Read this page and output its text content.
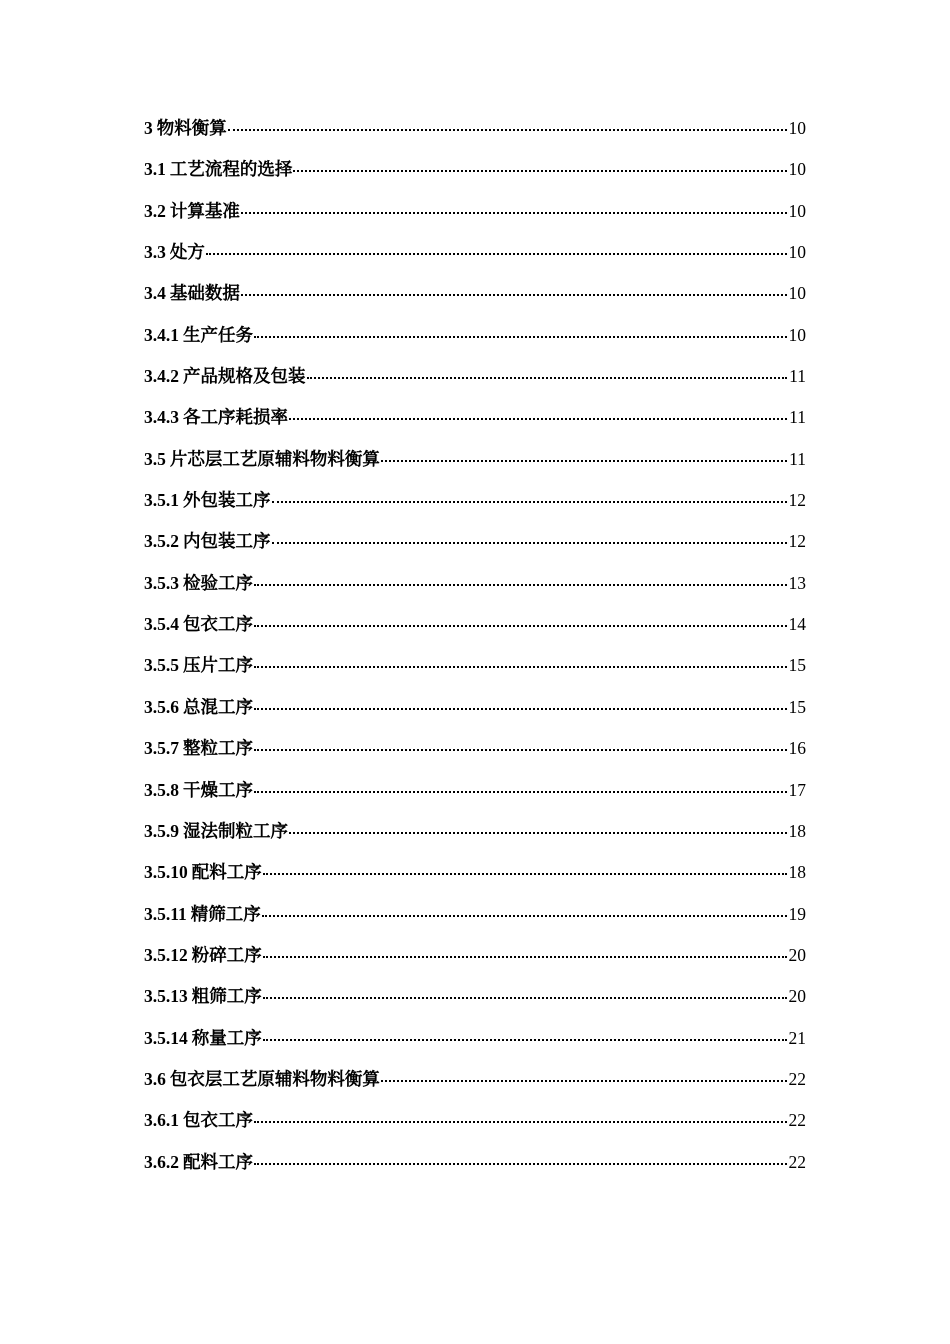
3 物料衡算	10
3.1 工艺流程的选择	10
3.2 计算基准	10
3.3 处方	10
3.4 基础数据	10
3.4.1 生产任务	10
3.4.2 产品规格及包装	11
3.4.3 各工序耗损率	11
3.5 片芯层工艺原辅料物料衡算	11
3.5.1 外包装工序	12
3.5.2 内包装工序	12
3.5.3 检验工序	13
3.5.4 包衣工序	14
3.5.5 压片工序	15
3.5.6 总混工序	15
3.5.7 整粒工序	16
3.5.8 干燥工序	17
3.5.9 湿法制粒工序	18
3.5.10 配料工序	18
3.5.11 精筛工序	19
3.5.12 粉碎工序	20
3.5.13 粗筛工序	20
3.5.14 称量工序	21
3.6 包衣层工艺原辅料物料衡算	22
3.6.1 包衣工序	22
3.6.2 配料工序	22
